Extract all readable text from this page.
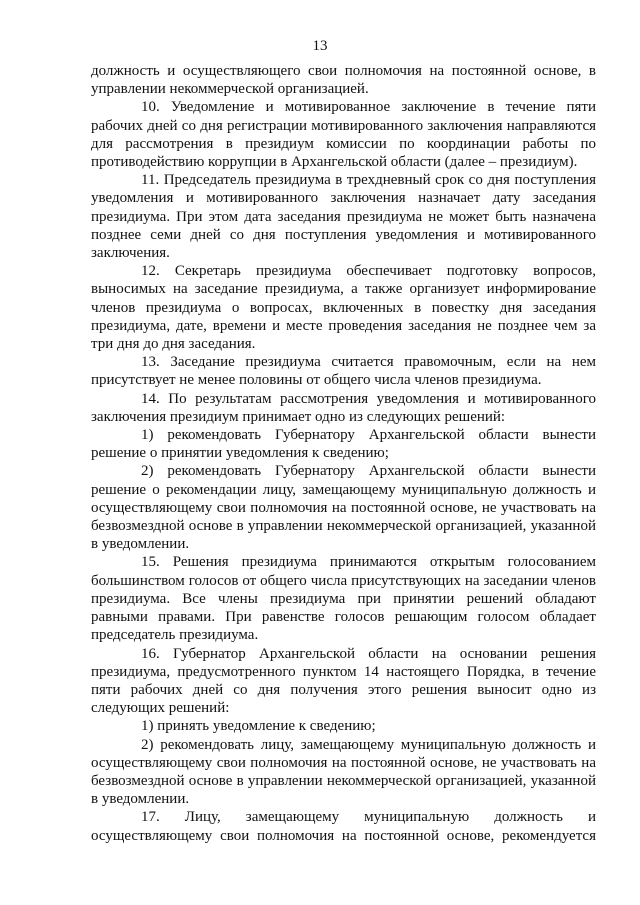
13

должность и осуществляющего свои полномочия на постоянной основе, в управлении некоммерческой организацией.

10. Уведомление и мотивированное заключение в течение пяти рабочих дней со дня регистрации мотивированного заключения направляются для рассмотрения в президиум комиссии по координации работы по противодействию коррупции в Архангельской области (далее – президиум).

11. Председатель президиума в трехдневный срок со дня поступления уведомления и мотивированного заключения назначает дату заседания президиума. При этом дата заседания президиума не может быть назначена позднее семи дней со дня поступления уведомления и мотивированного заключения.

12. Секретарь президиума обеспечивает подготовку вопросов, выносимых на заседание президиума, а также организует информирование членов президиума о вопросах, включенных в повестку дня заседания президиума, дате, времени и месте проведения заседания не позднее чем за три дня до дня заседания.

13. Заседание президиума считается правомочным, если на нем присутствует не менее половины от общего числа членов президиума.

14. По результатам рассмотрения уведомления и мотивированного заключения президиум принимает одно из следующих решений:

1) рекомендовать Губернатору Архангельской области вынести решение о принятии уведомления к сведению;

2) рекомендовать Губернатору Архангельской области вынести решение о рекомендации лицу, замещающему муниципальную должность и осуществляющему свои полномочия на постоянной основе, не участвовать на безвозмездной основе в управлении некоммерческой организацией, указанной в уведомлении.

15. Решения президиума принимаются открытым голосованием большинством голосов от общего числа присутствующих на заседании членов президиума. Все члены президиума при принятии решений обладают равными правами. При равенстве голосов решающим голосом обладает председатель президиума.

16. Губернатор Архангельской области на основании решения президиума, предусмотренного пунктом 14 настоящего Порядка, в течение пяти рабочих дней со дня получения этого решения выносит одно из следующих решений:

1) принять уведомление к сведению;

2) рекомендовать лицу, замещающему муниципальную должность и осуществляющему свои полномочия на постоянной основе, не участвовать на безвозмездной основе в управлении некоммерческой организацией, указанной в уведомлении.

17. Лицу, замещающему муниципальную должность и осуществляющему свои полномочия на постоянной основе, рекомендуется
